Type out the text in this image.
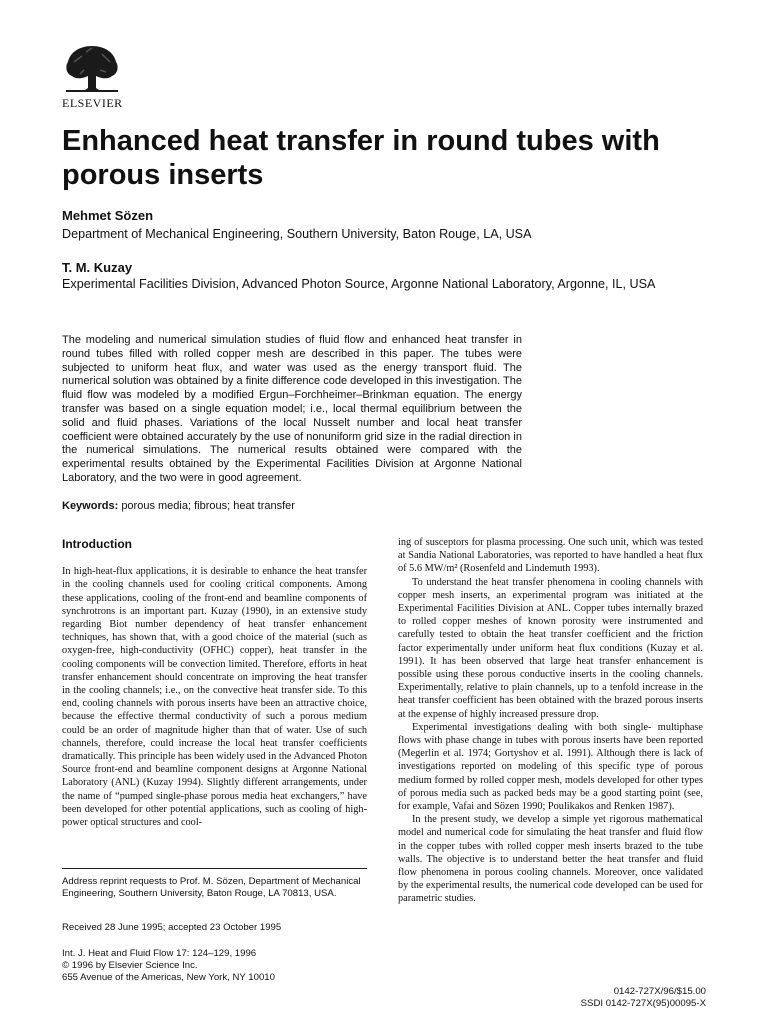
ELSEVIER
Enhanced heat transfer in round tubes with porous inserts

Mehmet Sözen

Department of Mechanical Engineering, Southern University, Baton Rouge, LA, USA

T. M. Kuzay

Experimental Facilities Division, Advanced Photon Source, Argonne National Laboratory, Argonne, IL, USA

The modeling and numerical simulation studies of fluid flow and enhanced heat transfer in round tubes filled with rolled copper mesh are described in this paper. The tubes were subjected to uniform heat flux, and water was used as the energy transport fluid. The numerical solution was obtained by a finite difference code developed in this investigation. The fluid flow was modeled by a modified Ergun–Forchheimer–Brinkman equation. The energy transfer was based on a single equation model; i.e., local thermal equilibrium between the solid and fluid phases. Variations of the local Nusselt number and local heat transfer coefficient were obtained accurately by the use of nonuniform grid size in the radial direction in the numerical simulations. The numerical results obtained were compared with the experimental results obtained by the Experimental Facilities Division at Argonne National Laboratory, and the two were in good agreement.

Keywords: porous media; fibrous; heat transfer

Introduction

In high-heat-flux applications, it is desirable to enhance the heat transfer in the cooling channels used for cooling critical components. Among these applications, cooling of the front-end and beamline components of synchrotrons is an important part. Kuzay (1990), in an extensive study regarding Biot number dependency of heat transfer enhancement techniques, has shown that, with a good choice of the material (such as oxygen-free, high-conductivity (OFHC) copper), heat transfer in the cooling components will be convection limited. Therefore, efforts in heat transfer enhancement should concentrate on improving the heat transfer in the cooling channels; i.e., on the convective heat transfer side. To this end, cooling channels with porous inserts have been an attractive choice, because the effective thermal conductivity of such a porous medium could be an order of magnitude higher than that of water. Use of such channels, therefore, could increase the local heat transfer coefficients dramatically. This principle has been widely used in the Advanced Photon Source front-end and beamline component designs at Argonne National Laboratory (ANL) (Kuzay 1994). Slightly different arrangements, under the name of “pumped single-phase porous media heat exchangers,” have been developed for other potential applications, such as cooling of high-power optical structures and cool-

ing of susceptors for plasma processing. One such unit, which was tested at Sandia National Laboratories, was reported to have handled a heat flux of 5.6 MW/m² (Rosenfeld and Lindemuth 1993).

To understand the heat transfer phenomena in cooling channels with copper mesh inserts, an experimental program was initiated at the Experimental Facilities Division at ANL. Copper tubes internally brazed to rolled copper meshes of known porosity were instrumented and carefully tested to obtain the heat transfer coefficient and the friction factor experimentally under uniform heat flux conditions (Kuzay et al. 1991). It has been observed that large heat transfer enhancement is possible using these porous conductive inserts in the cooling channels. Experimentally, relative to plain channels, up to a tenfold increase in the heat transfer coefficient has been obtained with the brazed porous inserts at the expense of highly increased pressure drop.

Experimental investigations dealing with both single- multiphase flows with phase change in tubes with porous inserts have been reported (Megerlin et al. 1974; Gortyshov et al. 1991). Although there is lack of investigations reported on modeling of this specific type of porous medium formed by rolled copper mesh, models developed for other types of porous media such as packed beds may be a good starting point (see, for example, Vafai and Sözen 1990; Poulikakos and Renken 1987).

In the present study, we develop a simple yet rigorous mathematical model and numerical code for simulating the heat transfer and fluid flow in the copper tubes with rolled copper mesh inserts brazed to the tube walls. The objective is to understand better the heat transfer and fluid flow phenomena in porous cooling channels. Moreover, once validated by the experimental results, the numerical code developed can be used for parametric studies.

Address reprint requests to Prof. M. Sözen, Department of Mechanical Engineering, Southern University, Baton Rouge, LA 70813, USA.

Received 28 June 1995; accepted 23 October 1995

Int. J. Heat and Fluid Flow 17: 124–129, 1996
© 1996 by Elsevier Science Inc.
655 Avenue of the Americas, New York, NY 10010
0142-727X/96/$15.00
SSDI 0142-727X(95)00095-X
